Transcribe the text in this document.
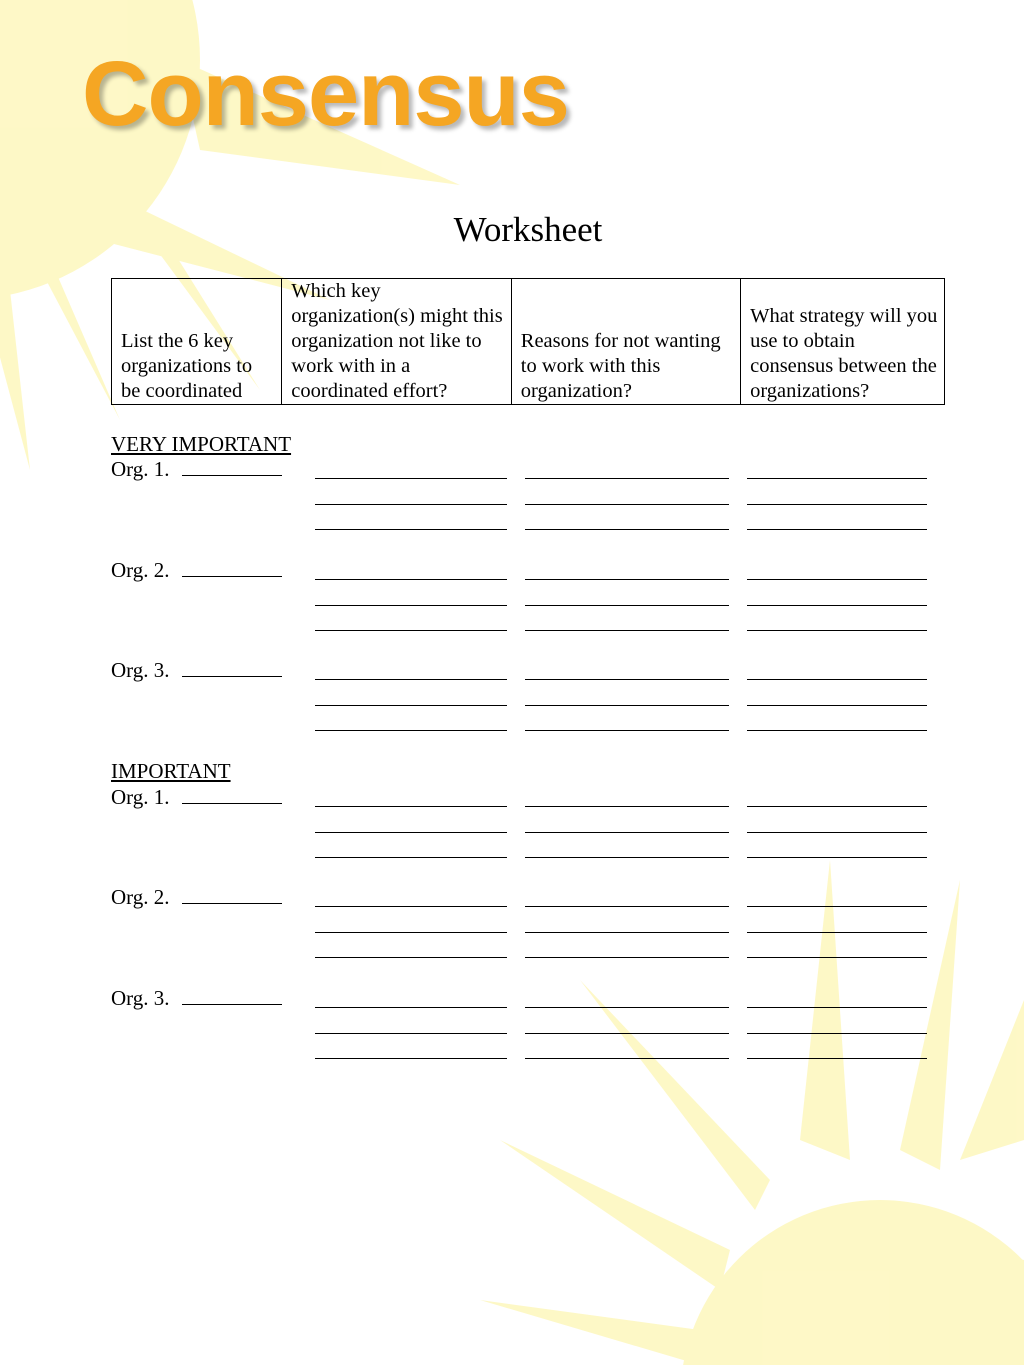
Consensus
Worksheet
List the 6 key organizations to be coordinated	Which key organization(s) might this organization not like to work with in a coordinated effort?	Reasons for not wanting to work with this organization?	What strategy will you use to obtain consensus between the organizations?
VERY IMPORTANT
Org. 1.
Org. 2.
Org. 3.
IMPORTANT
Org. 1.
Org. 2.
Org. 3.
